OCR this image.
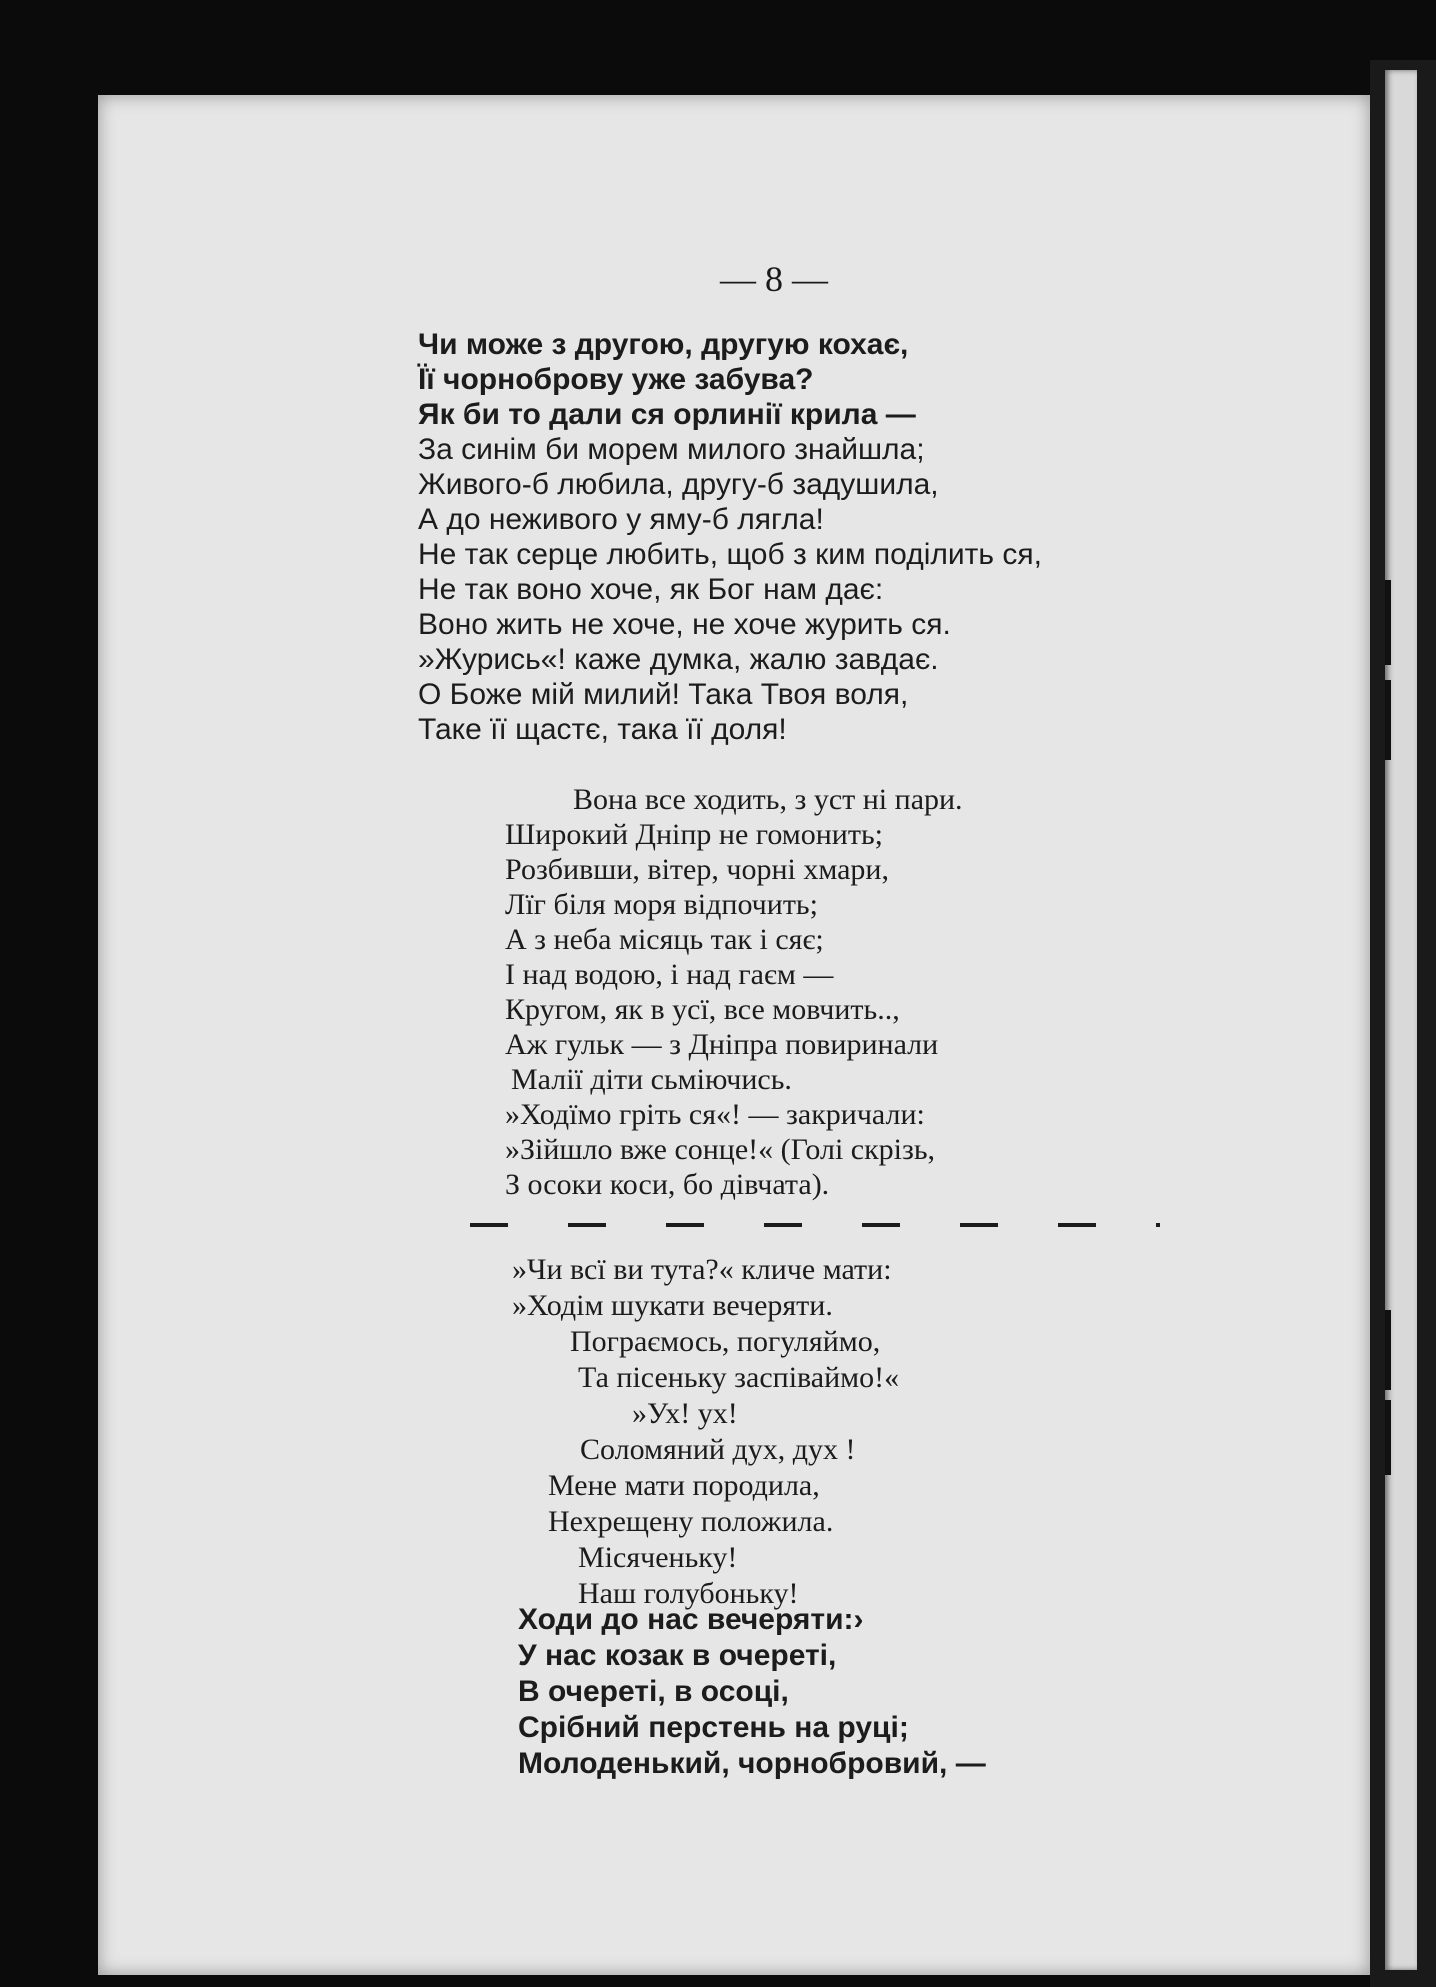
— 8 —
Чи може з другою, другую кохає,
Її чорноброву уже забува?
Як би то дали ся орлинії крила —
За синім би морем милого знайшла;
Живого-б любила, другу-б задушила,
А до неживого у яму-б лягла!
Не так серце любить, щоб з ким поділить ся,
Не так воно хоче, як Бог нам дає:
Воно жить не хоче, не хоче журить ся.
»Журись«! каже думка, жалю завдає.
О Боже мій милий! Така Твоя воля,
Таке її щастє, така її доля!
Вона все ходить, з уст ні пари.
Широкий Дніпр не гомонить;
Розбивши, вітер, чорні хмари,
Лїг біля моря відпочить;
А з неба місяць так і сяє;
І над водою, і над гаєм —
Кругом, як в усї, все мовчить..,
Аж гульк — з Дніпра повиринали
Малії діти сьміючись.
»Ходїмо гріть ся«! — закричали:
»Зійшло вже сонце!« (Голі скрізь,
З осоки коси, бо дівчата).
»Чи всї ви тута?« кличе мати:
»Ходім шукати вечеряти.
Пограємось, погуляймо,
Та пісеньку заспіваймо!«
»Ух! ух!
Соломяний дух, дух !
Мене мати породила,
Нехрещену положила.
Місяченьку!
Наш голубоньку!
Ходи до нас вечеряти:›
У нас козак в очереті,
В очереті, в осоці,
Срібний перстень на руці;
Молоденький, чорнобровий, —
